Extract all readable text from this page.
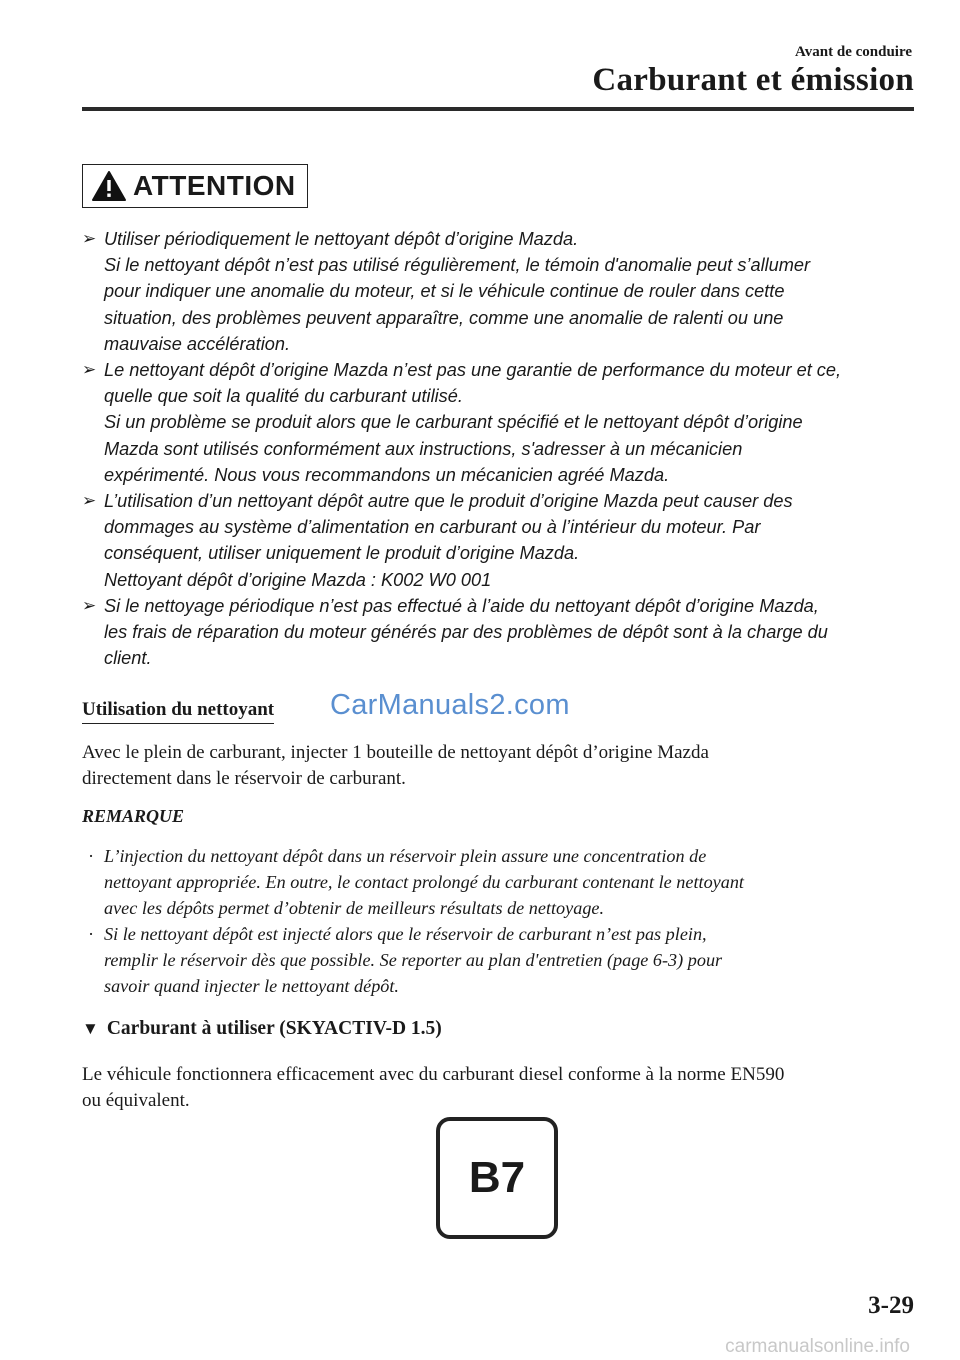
Avant de conduire
Carburant et émission
ATTENTION
➢ Utiliser périodiquement le nettoyant dépôt d’origine Mazda.
Si le nettoyant dépôt n’est pas utilisé régulièrement, le témoin d'anomalie peut s’allumer
pour indiquer une anomalie du moteur, et si le véhicule continue de rouler dans cette
situation, des problèmes peuvent apparaître, comme une anomalie de ralenti ou une
mauvaise accélération.
➢ Le nettoyant dépôt d’origine Mazda n’est pas une garantie de performance du moteur et ce,
quelle que soit la qualité du carburant utilisé.
Si un problème se produit alors que le carburant spécifié et le nettoyant dépôt d’origine
Mazda sont utilisés conformément aux instructions, s'adresser à un mécanicien
expérimenté. Nous vous recommandons un mécanicien agréé Mazda.
➢ L’utilisation d’un nettoyant dépôt autre que le produit d’origine Mazda peut causer des
dommages au système d’alimentation en carburant ou à l’intérieur du moteur. Par
conséquent, utiliser uniquement le produit d’origine Mazda.
Nettoyant dépôt d’origine Mazda : K002 W0 001
➢ Si le nettoyage périodique n’est pas effectué à l’aide du nettoyant dépôt d’origine Mazda,
les frais de réparation du moteur générés par des problèmes de dépôt sont à la charge du
client.
Utilisation du nettoyant CarManuals2.com
Avec le plein de carburant, injecter 1 bouteille de nettoyant dépôt d’origine Mazda
directement dans le réservoir de carburant.
REMARQUE
· L’injection du nettoyant dépôt dans un réservoir plein assure une concentration de
nettoyant appropriée. En outre, le contact prolongé du carburant contenant le nettoyant
avec les dépôts permet d’obtenir de meilleurs résultats de nettoyage.
· Si le nettoyant dépôt est injecté alors que le réservoir de carburant n’est pas plein,
remplir le réservoir dès que possible. Se reporter au plan d'entretien (page 6-3) pour
savoir quand injecter le nettoyant dépôt.
▼ Carburant à utiliser (SKYACTIV-D 1.5)
Le véhicule fonctionnera efficacement avec du carburant diesel conforme à la norme EN590
ou équivalent.
B7
3-29
carmanualsonline.info
